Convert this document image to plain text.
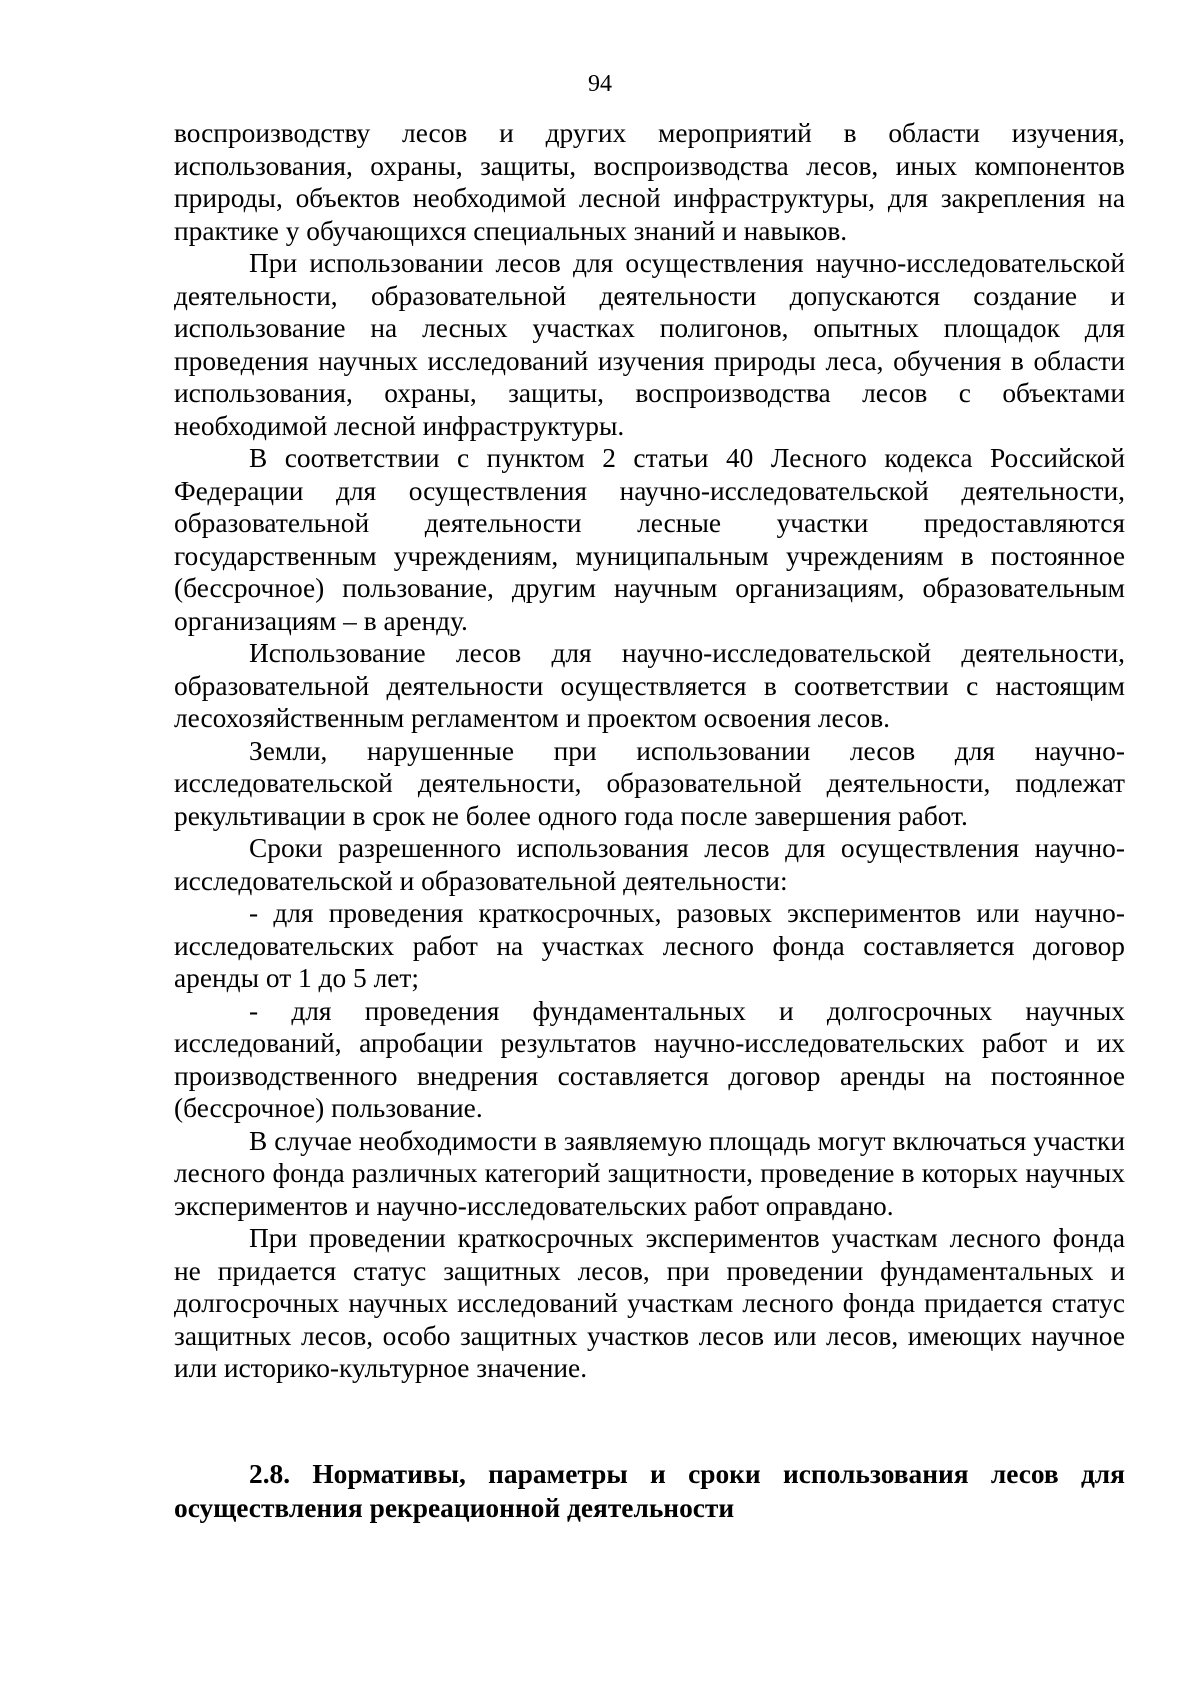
94

воспроизводству лесов и других мероприятий в области изучения, использования, охраны, защиты, воспроизводства лесов, иных компонентов природы, объектов необходимой лесной инфраструктуры, для закрепления на практике у обучающихся специальных знаний и навыков.

При использовании лесов для осуществления научно-исследовательской деятельности, образовательной деятельности допускаются создание и использование на лесных участках полигонов, опытных площадок для проведения научных исследований изучения природы леса, обучения в области использования, охраны, защиты, воспроизводства лесов с объектами необходимой лесной инфраструктуры.

В соответствии с пунктом 2 статьи 40 Лесного кодекса Российской Федерации для осуществления научно-исследовательской деятельности, образовательной деятельности лесные участки предоставляются государственным учреждениям, муниципальным учреждениям в постоянное (бессрочное) пользование, другим научным организациям, образовательным организациям – в аренду.

Использование лесов для научно-исследовательской деятельности, образовательной деятельности осуществляется в соответствии с настоящим лесохозяйственным регламентом и проектом освоения лесов.

Земли, нарушенные при использовании лесов для научно-исследовательской деятельности, образовательной деятельности, подлежат рекультивации в срок не более одного года после завершения работ.

Сроки разрешенного использования лесов для осуществления научно-исследовательской и образовательной деятельности:

- для проведения краткосрочных, разовых экспериментов или научно-исследовательских работ на участках лесного фонда составляется договор аренды от 1 до 5 лет;

- для проведения фундаментальных и долгосрочных научных исследований, апробации результатов научно-исследовательских работ и их производственного внедрения составляется договор аренды на постоянное (бессрочное) пользование.

В случае необходимости в заявляемую площадь могут включаться участки лесного фонда различных категорий защитности, проведение в которых научных экспериментов и научно-исследовательских работ оправдано.

При проведении краткосрочных экспериментов участкам лесного фонда не придается статус защитных лесов, при проведении фундаментальных и долгосрочных научных исследований участкам лесного фонда придается статус защитных лесов, особо защитных участков лесов или лесов, имеющих научное или историко-культурное значение.

2.8. Нормативы, параметры и сроки использования лесов для осуществления рекреационной деятельности
